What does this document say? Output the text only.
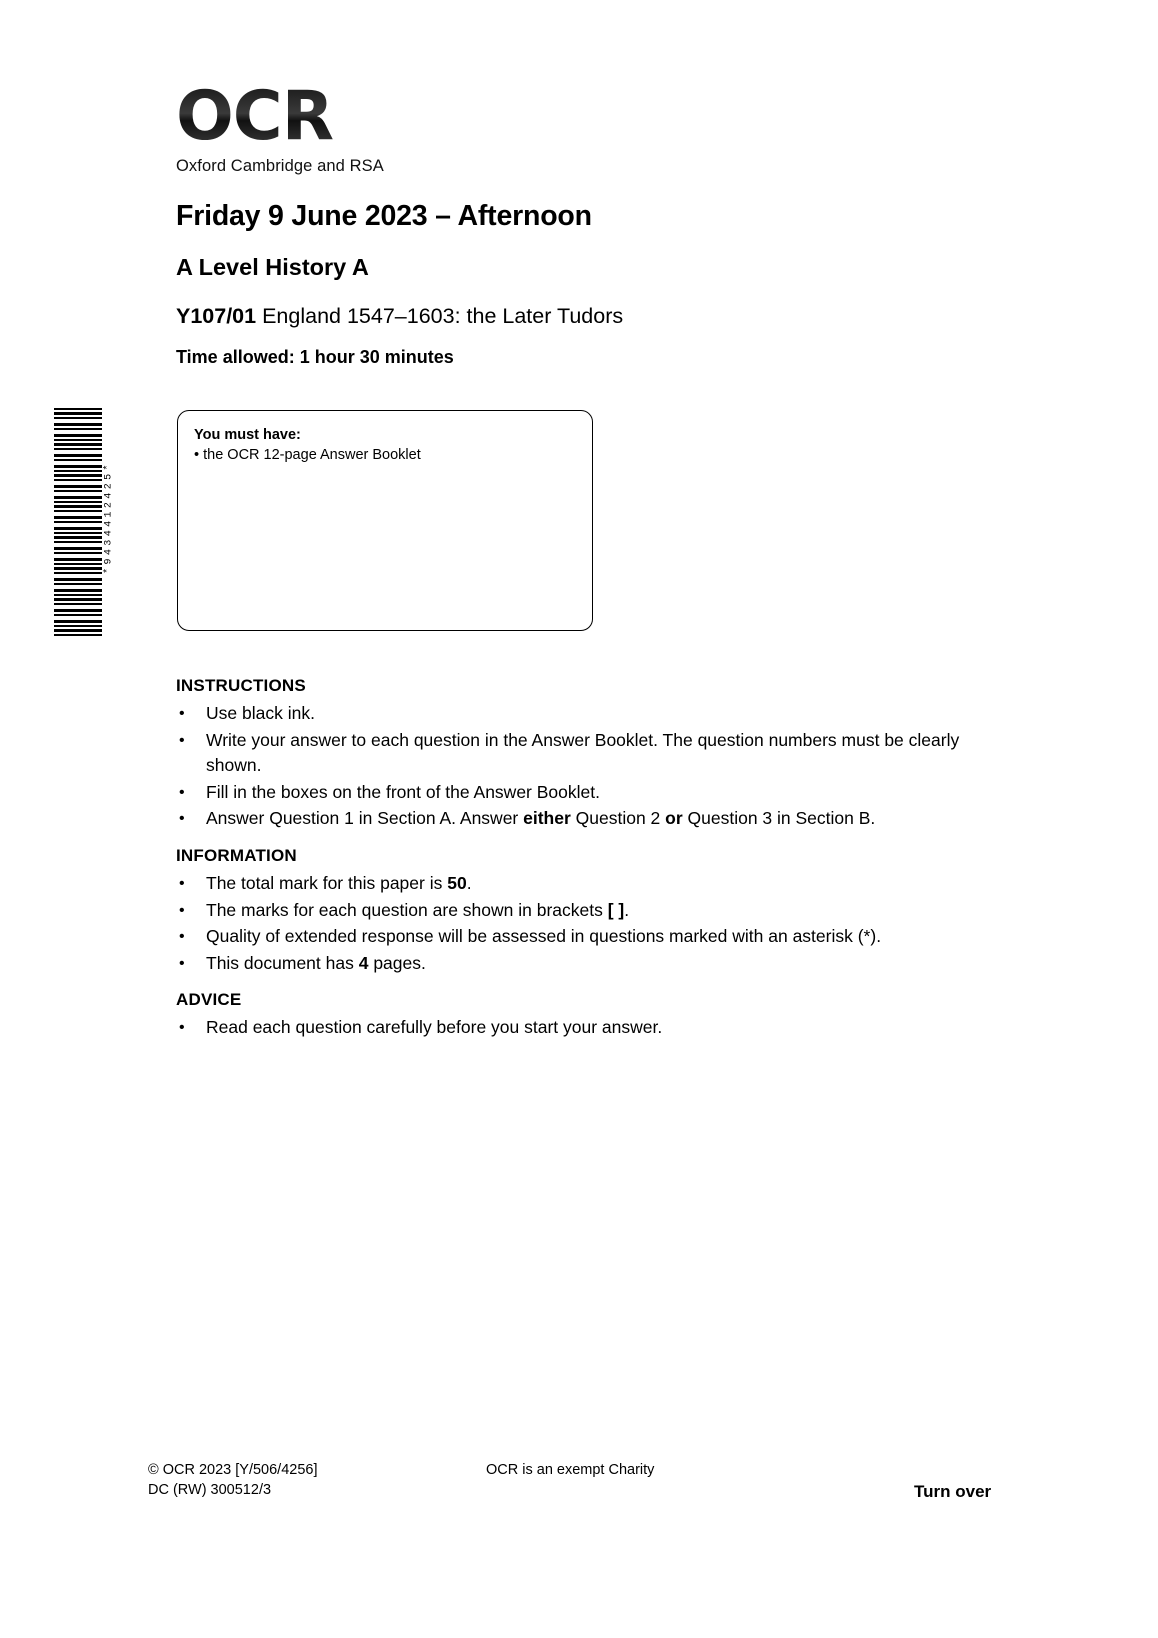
*9434412425*
OCR
Oxford Cambridge and RSA
Friday 9 June 2023 – Afternoon
A Level History A
Y107/01 England 1547–1603: the Later Tudors
Time allowed: 1 hour 30 minutes
You must have:
• the OCR 12-page Answer Booklet
INSTRUCTIONS
• Use black ink.
• Write your answer to each question in the Answer Booklet. The question numbers must be clearly shown.
• Fill in the boxes on the front of the Answer Booklet.
• Answer Question 1 in Section A. Answer either Question 2 or Question 3 in Section B.
INFORMATION
• The total mark for this paper is 50.
• The marks for each question are shown in brackets [ ].
• Quality of extended response will be assessed in questions marked with an asterisk (*).
• This document has 4 pages.
ADVICE
• Read each question carefully before you start your answer.
© OCR 2023 [Y/506/4256]
DC (RW) 300512/3
OCR is an exempt Charity
Turn over
